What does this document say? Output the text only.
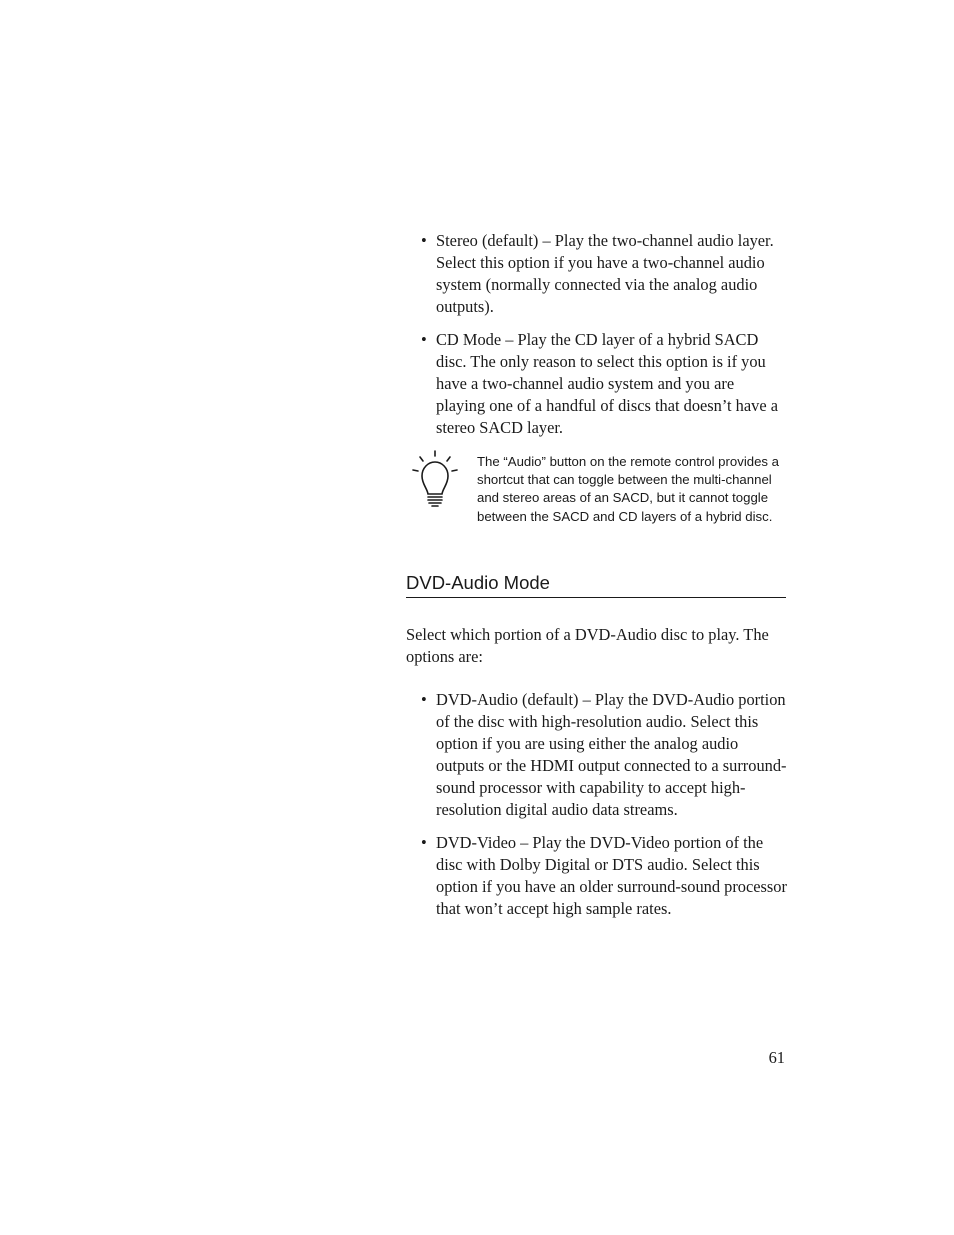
• Stereo (default) – Play the two-channel audio layer. Select this option if you have a two-channel audio system (normally connected via the analog audio outputs).
• CD Mode – Play the CD layer of a hybrid SACD disc. The only reason to select this option is if you have a two-channel audio system and you are playing one of a handful of discs that doesn’t have a stereo SACD layer.
The “Audio” button on the remote control provides a shortcut that can toggle between the multi-channel and stereo areas of an SACD, but it cannot toggle between the SACD and CD layers of a hybrid disc.
DVD-Audio Mode

Select which portion of a DVD-Audio disc to play. The options are:

• DVD-Audio (default) – Play the DVD-Audio portion of the disc with high-resolution audio. Select this option if you are using either the analog audio outputs or the HDMI output connected to a surround-sound processor with capability to accept high-resolution digital audio data streams.
• DVD-Video – Play the DVD-Video portion of the disc with Dolby Digital or DTS audio. Select this option if you have an older surround-sound processor that won’t accept high sample rates.
61
